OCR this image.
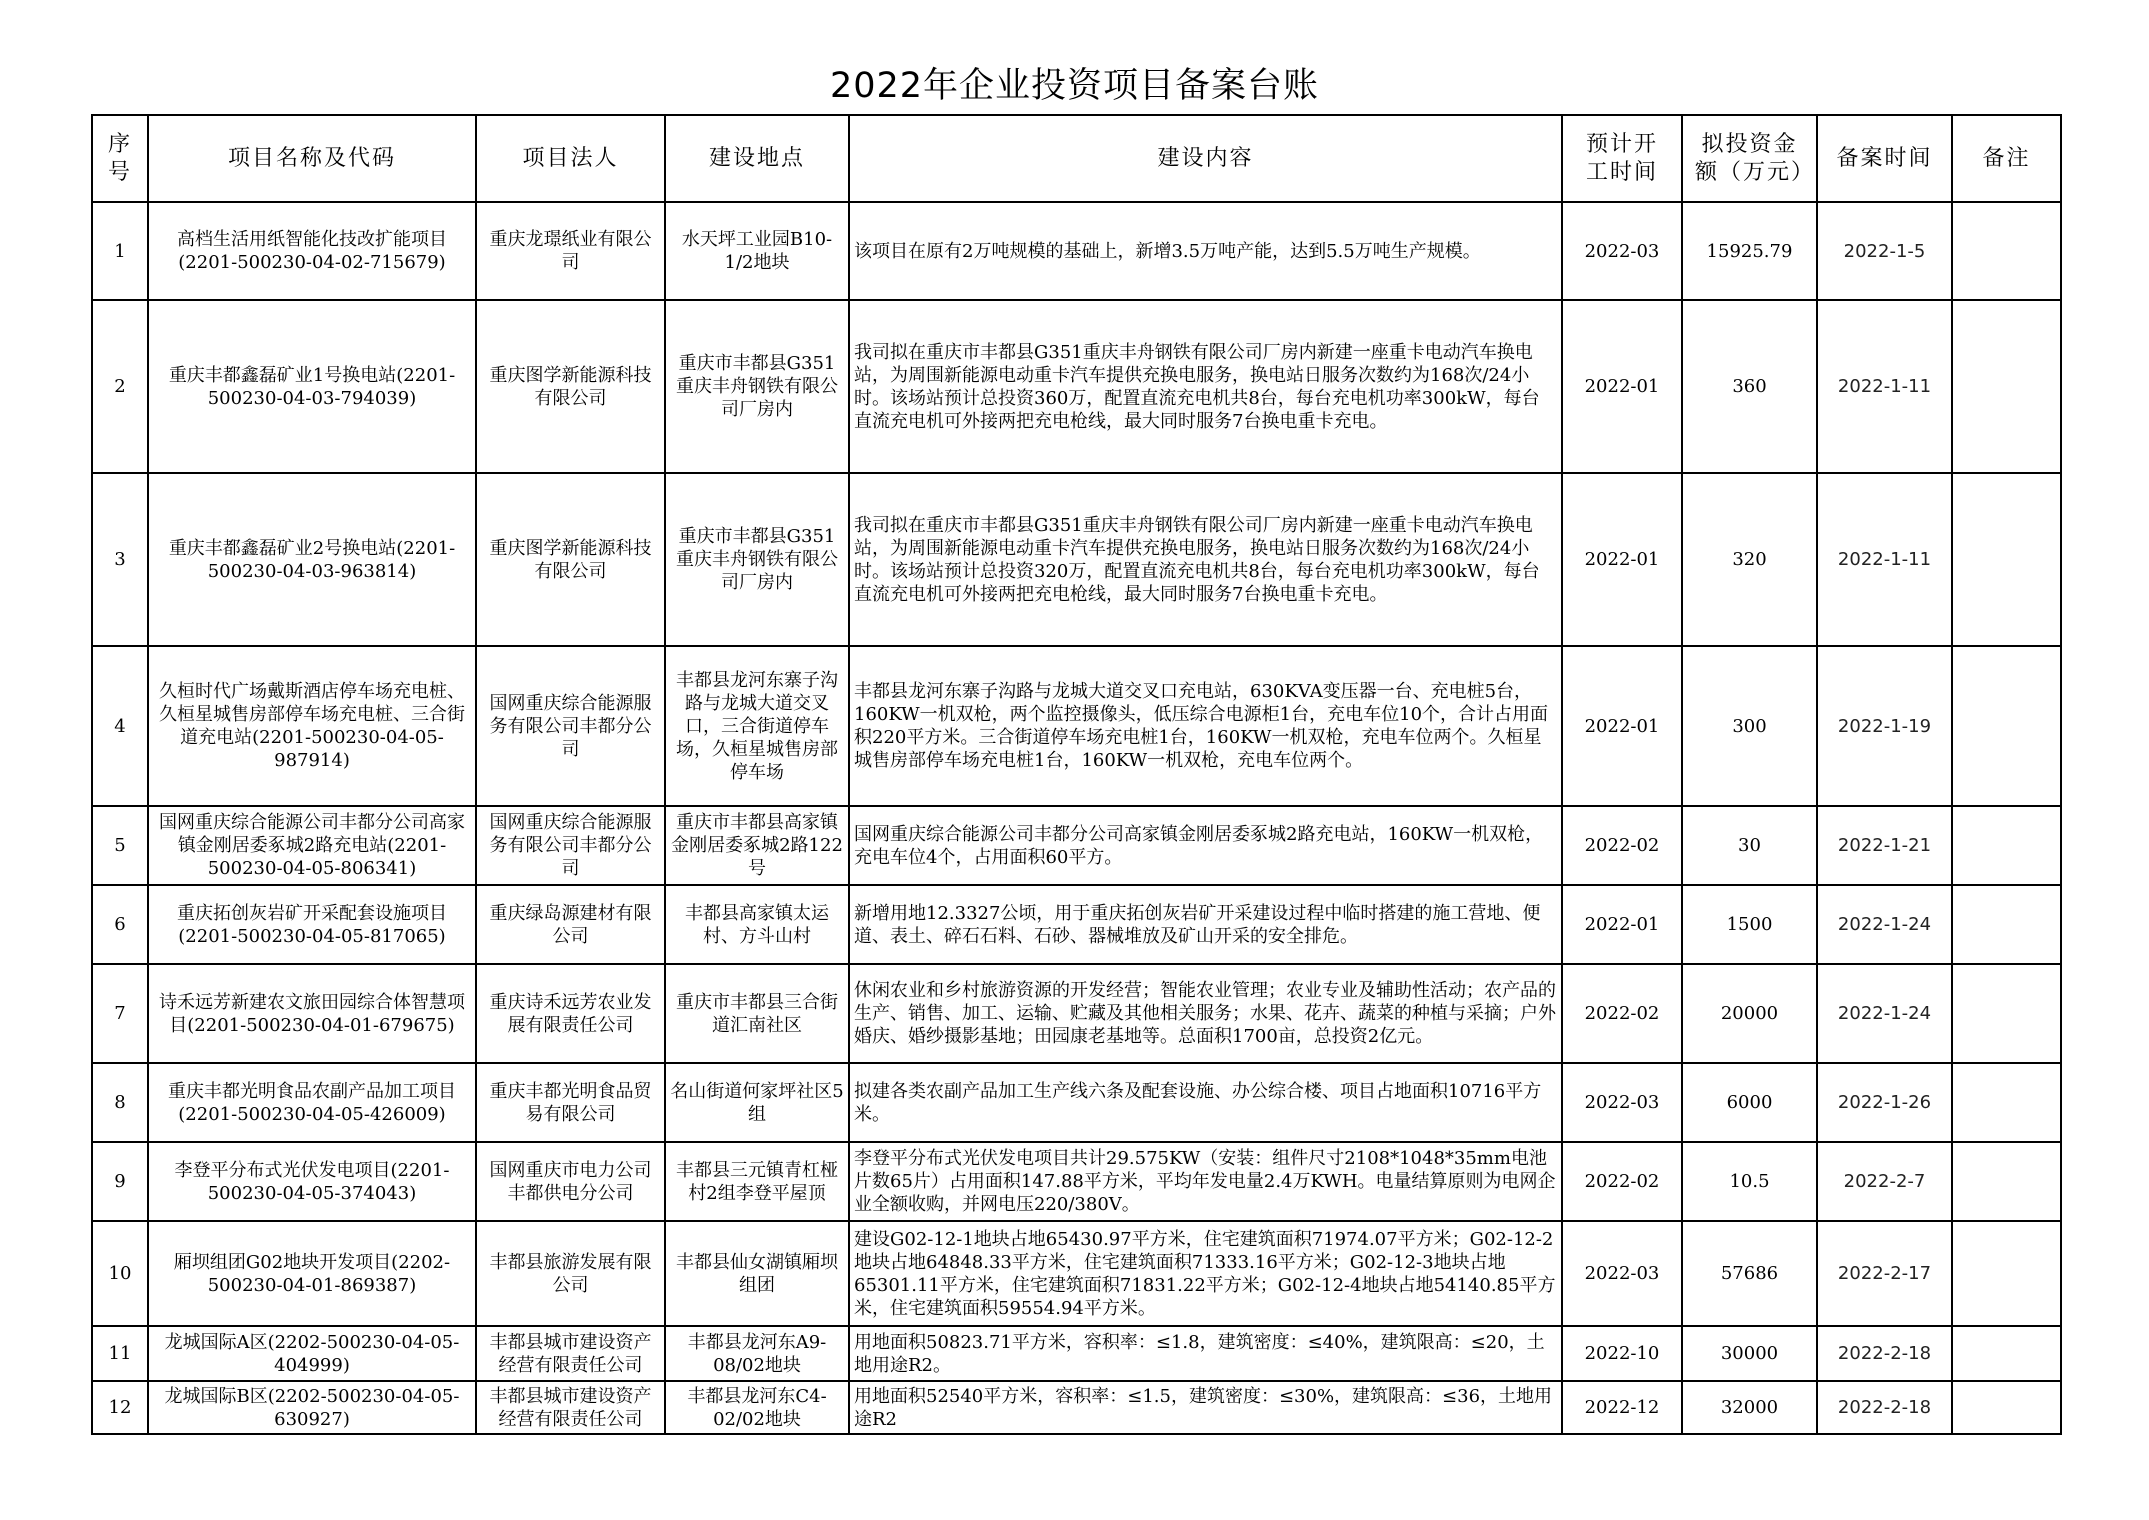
2022年企业投资项目备案台账
序号	项目名称及代码	项目法人	建设地点	建设内容	预计开工时间	拟投资金额（万元）	备案时间	备注
1	高档生活用纸智能化技改扩能项目(2201-500230-04-02-715679)	重庆龙璟纸业有限公司	水天坪工业园B10-1/2地块	该项目在原有2万吨规模的基础上，新增3.5万吨产能，达到5.5万吨生产规模。	2022-03	15925.79	2022-1-5	
2	重庆丰都鑫磊矿业1号换电站(2201-500230-04-03-794039)	重庆图学新能源科技有限公司	重庆市丰都县G351重庆丰舟钢铁有限公司厂房内	我司拟在重庆市丰都县G351重庆丰舟钢铁有限公司厂房内新建一座重卡电动汽车换电站，为周围新能源电动重卡汽车提供充换电服务，换电站日服务次数约为168次/24小时。该场站预计总投资360万，配置直流充电机共8台，每台充电机功率300kW，每台直流充电机可外接两把充电枪线，最大同时服务7台换电重卡充电。	2022-01	360	2022-1-11	
3	重庆丰都鑫磊矿业2号换电站(2201-500230-04-03-963814)	重庆图学新能源科技有限公司	重庆市丰都县G351重庆丰舟钢铁有限公司厂房内	我司拟在重庆市丰都县G351重庆丰舟钢铁有限公司厂房内新建一座重卡电动汽车换电站，为周围新能源电动重卡汽车提供充换电服务，换电站日服务次数约为168次/24小时。该场站预计总投资320万，配置直流充电机共8台，每台充电机功率300kW，每台直流充电机可外接两把充电枪线，最大同时服务7台换电重卡充电。	2022-01	320	2022-1-11	
4	久桓时代广场戴斯酒店停车场充电桩、久桓星城售房部停车场充电桩、三合街道充电站(2201-500230-04-05-987914)	国网重庆综合能源服务有限公司丰都分公司	丰都县龙河东寨子沟路与龙城大道交叉口，三合街道停车场，久桓星城售房部停车场	丰都县龙河东寨子沟路与龙城大道交叉口充电站，630KVA变压器一台、充电桩5台，160KW一机双枪，两个监控摄像头，低压综合电源柜1台，充电车位10个，合计占用面积220平方米。三合街道停车场充电桩1台，160KW一机双枪，充电车位两个。久桓星城售房部停车场充电桩1台，160KW一机双枪，充电车位两个。	2022-01	300	2022-1-19	
5	国网重庆综合能源公司丰都分公司高家镇金刚居委豖城2路充电站(2201-500230-04-05-806341)	国网重庆综合能源服务有限公司丰都分公司	重庆市丰都县高家镇金刚居委豖城2路122号	国网重庆综合能源公司丰都分公司高家镇金刚居委豖城2路充电站，160KW一机双枪，充电车位4个，占用面积60平方。	2022-02	30	2022-1-21	
6	重庆拓创灰岩矿开采配套设施项目(2201-500230-04-05-817065)	重庆绿岛源建材有限公司	丰都县高家镇太运村、方斗山村	新增用地12.3327公顷，用于重庆拓创灰岩矿开采建设过程中临时搭建的施工营地、便道、表土、碎石石料、石砂、器械堆放及矿山开采的安全排危。	2022-01	1500	2022-1-24	
7	诗禾远芳新建农文旅田园综合体智慧项目(2201-500230-04-01-679675)	重庆诗禾远芳农业发展有限责任公司	重庆市丰都县三合街道汇南社区	休闲农业和乡村旅游资源的开发经营；智能农业管理；农业专业及辅助性活动；农产品的生产、销售、加工、运输、贮藏及其他相关服务；水果、花卉、蔬菜的种植与采摘；户外婚庆、婚纱摄影基地；田园康老基地等。总面积1700亩，总投资2亿元。	2022-02	20000	2022-1-24	
8	重庆丰都光明食品农副产品加工项目(2201-500230-04-05-426009)	重庆丰都光明食品贸易有限公司	名山街道何家坪社区5组	拟建各类农副产品加工生产线六条及配套设施、办公综合楼、项目占地面积10716平方米。	2022-03	6000	2022-1-26	
9	李登平分布式光伏发电项目(2201-500230-04-05-374043)	国网重庆市电力公司丰都供电分公司	丰都县三元镇青杠桠村2组李登平屋顶	李登平分布式光伏发电项目共计29.575KW（安装：组件尺寸2108*1048*35mm电池片数65片）占用面积147.88平方米，平均年发电量2.4万KWH。电量结算原则为电网企业全额收购，并网电压220/380V。	2022-02	10.5	2022-2-7	
10	厢坝组团G02地块开发项目(2202-500230-04-01-869387)	丰都县旅游发展有限公司	丰都县仙女湖镇厢坝组团	建设G02-12-1地块占地65430.97平方米，住宅建筑面积71974.07平方米；G02-12-2地块占地64848.33平方米，住宅建筑面积71333.16平方米；G02-12-3地块占地65301.11平方米，住宅建筑面积71831.22平方米；G02-12-4地块占地54140.85平方米，住宅建筑面积59554.94平方米。	2022-03	57686	2022-2-17	
11	龙城国际A区(2202-500230-04-05-404999)	丰都县城市建设资产经营有限责任公司	丰都县龙河东A9-08/02地块	用地面积50823.71平方米，容积率：≤1.8，建筑密度：≤40%，建筑限高：≤20，土地用途R2。	2022-10	30000	2022-2-18	
12	龙城国际B区(2202-500230-04-05-630927)	丰都县城市建设资产经营有限责任公司	丰都县龙河东C4-02/02地块	用地面积52540平方米，容积率：≤1.5，建筑密度：≤30%，建筑限高：≤36，土地用途R2	2022-12	32000	2022-2-18	
